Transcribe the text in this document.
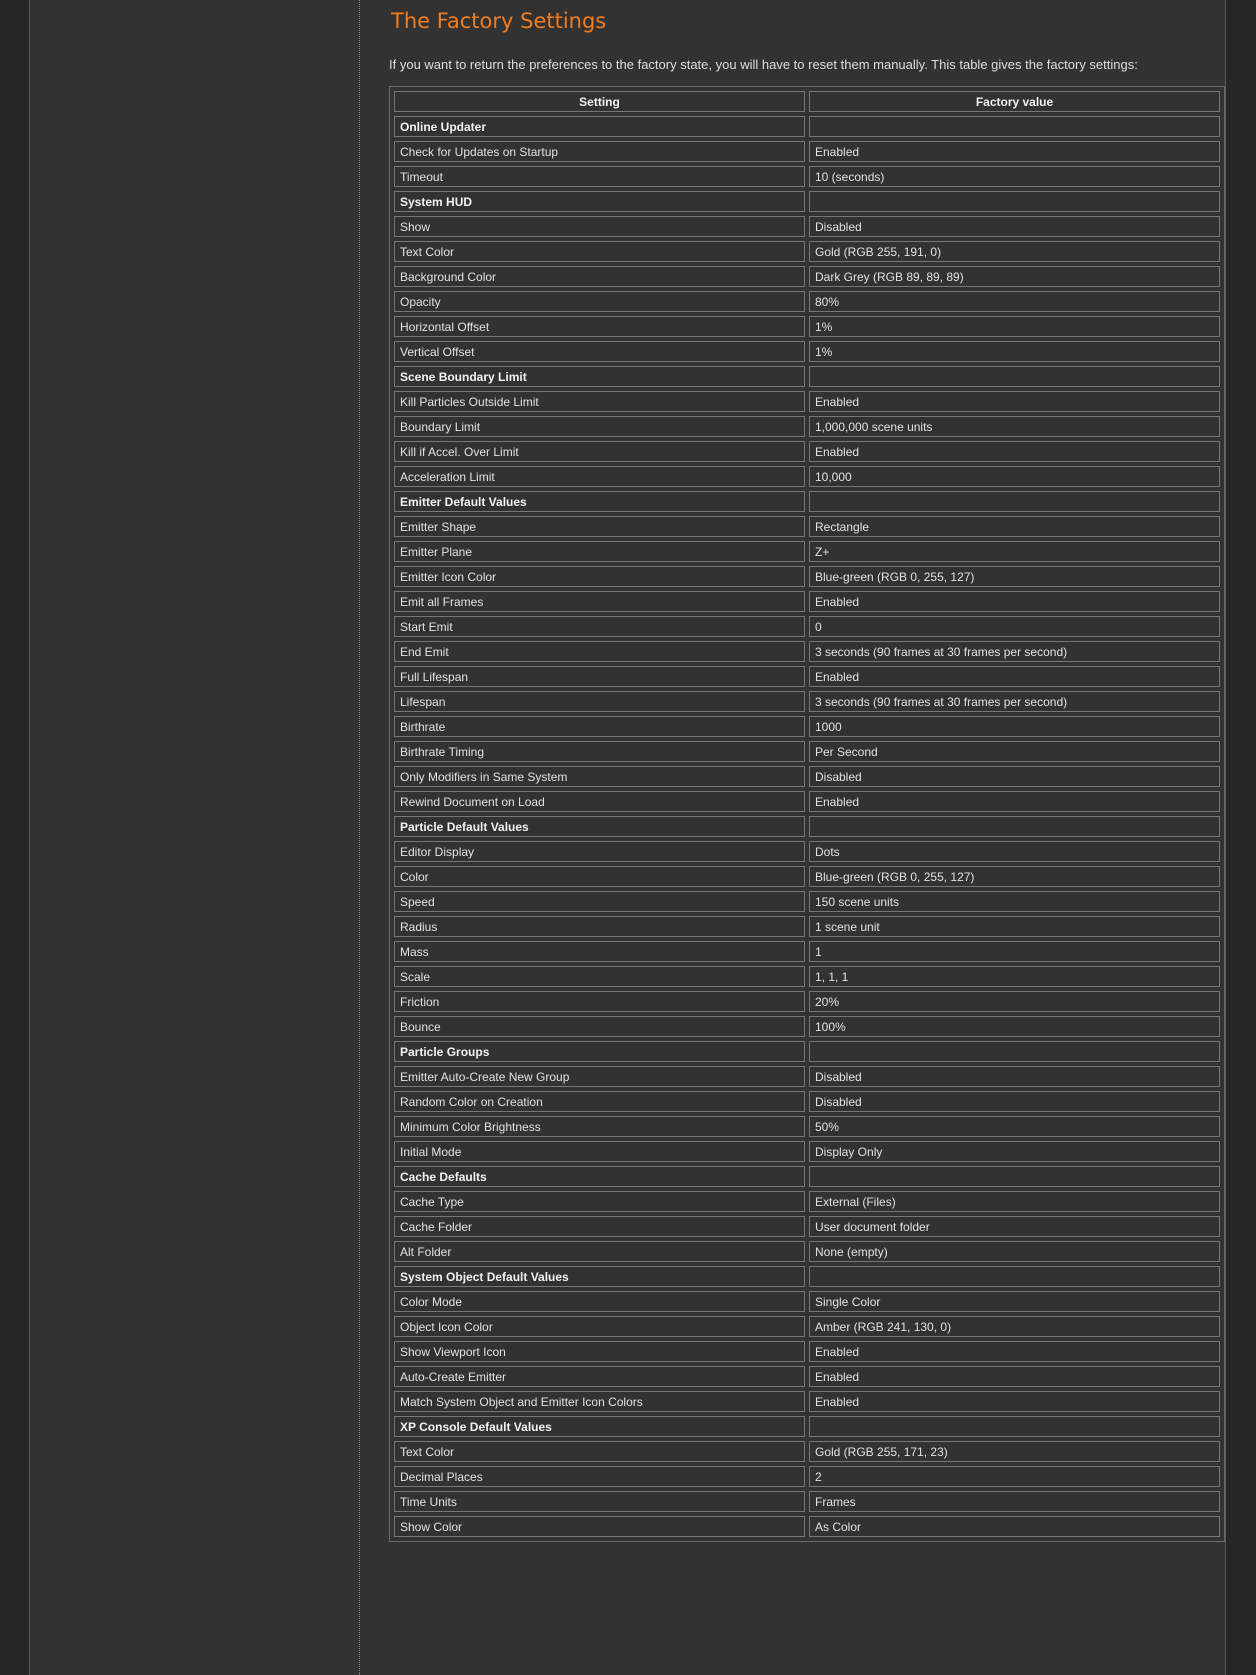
The Factory Settings

If you want to return the preferences to the factory state, you will have to reset them manually. This table gives the factory settings:

Setting	Factory value
Online Updater	
Check for Updates on Startup	Enabled
Timeout	10 (seconds)
System HUD	
Show	Disabled
Text Color	Gold (RGB 255, 191, 0)
Background Color	Dark Grey (RGB 89, 89, 89)
Opacity	80%
Horizontal Offset	1%
Vertical Offset	1%
Scene Boundary Limit	
Kill Particles Outside Limit	Enabled
Boundary Limit	1,000,000 scene units
Kill if Accel. Over Limit	Enabled
Acceleration Limit	10,000
Emitter Default Values	
Emitter Shape	Rectangle
Emitter Plane	Z+
Emitter Icon Color	Blue-green (RGB 0, 255, 127)
Emit all Frames	Enabled
Start Emit	0
End Emit	3 seconds (90 frames at 30 frames per second)
Full Lifespan	Enabled
Lifespan	3 seconds (90 frames at 30 frames per second)
Birthrate	1000
Birthrate Timing	Per Second
Only Modifiers in Same System	Disabled
Rewind Document on Load	Enabled
Particle Default Values	
Editor Display	Dots
Color	Blue-green (RGB 0, 255, 127)
Speed	150 scene units
Radius	1 scene unit
Mass	1
Scale	1, 1, 1
Friction	20%
Bounce	100%
Particle Groups	
Emitter Auto-Create New Group	Disabled
Random Color on Creation	Disabled
Minimum Color Brightness	50%
Initial Mode	Display Only
Cache Defaults	
Cache Type	External (Files)
Cache Folder	User document folder
Alt Folder	None (empty)
System Object Default Values	
Color Mode	Single Color
Object Icon Color	Amber (RGB 241, 130, 0)
Show Viewport Icon	Enabled
Auto-Create Emitter	Enabled
Match System Object and Emitter Icon Colors	Enabled
XP Console Default Values	
Text Color	Gold (RGB 255, 171, 23)
Decimal Places	2
Time Units	Frames
Show Color	As Color
